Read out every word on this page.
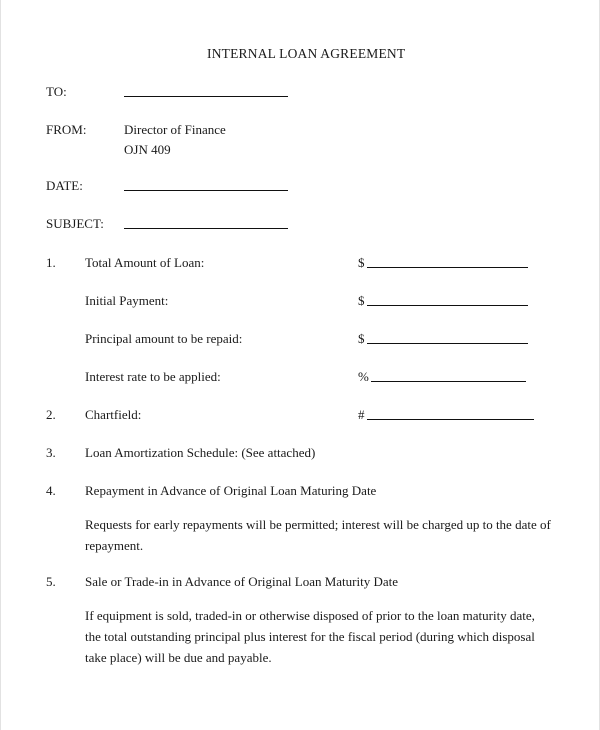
INTERNAL LOAN AGREEMENT
TO:
FROM:	Director of Finance
OJN 409
DATE:
SUBJECT:
1. Total Amount of Loan:	$
Initial Payment:	$
Principal amount to be repaid:	$
Interest rate to be applied:	%
2. Chartfield:	#
3. Loan Amortization Schedule: (See attached)
4. Repayment in Advance of Original Loan Maturing Date
Requests for early repayments will be permitted; interest will be charged up to the date of
repayment.
5. Sale or Trade-in in Advance of Original Loan Maturity Date
If equipment is sold, traded-in or otherwise disposed of prior to the loan maturity date,
the total outstanding principal plus interest for the fiscal period (during which disposal
take place) will be due and payable.
